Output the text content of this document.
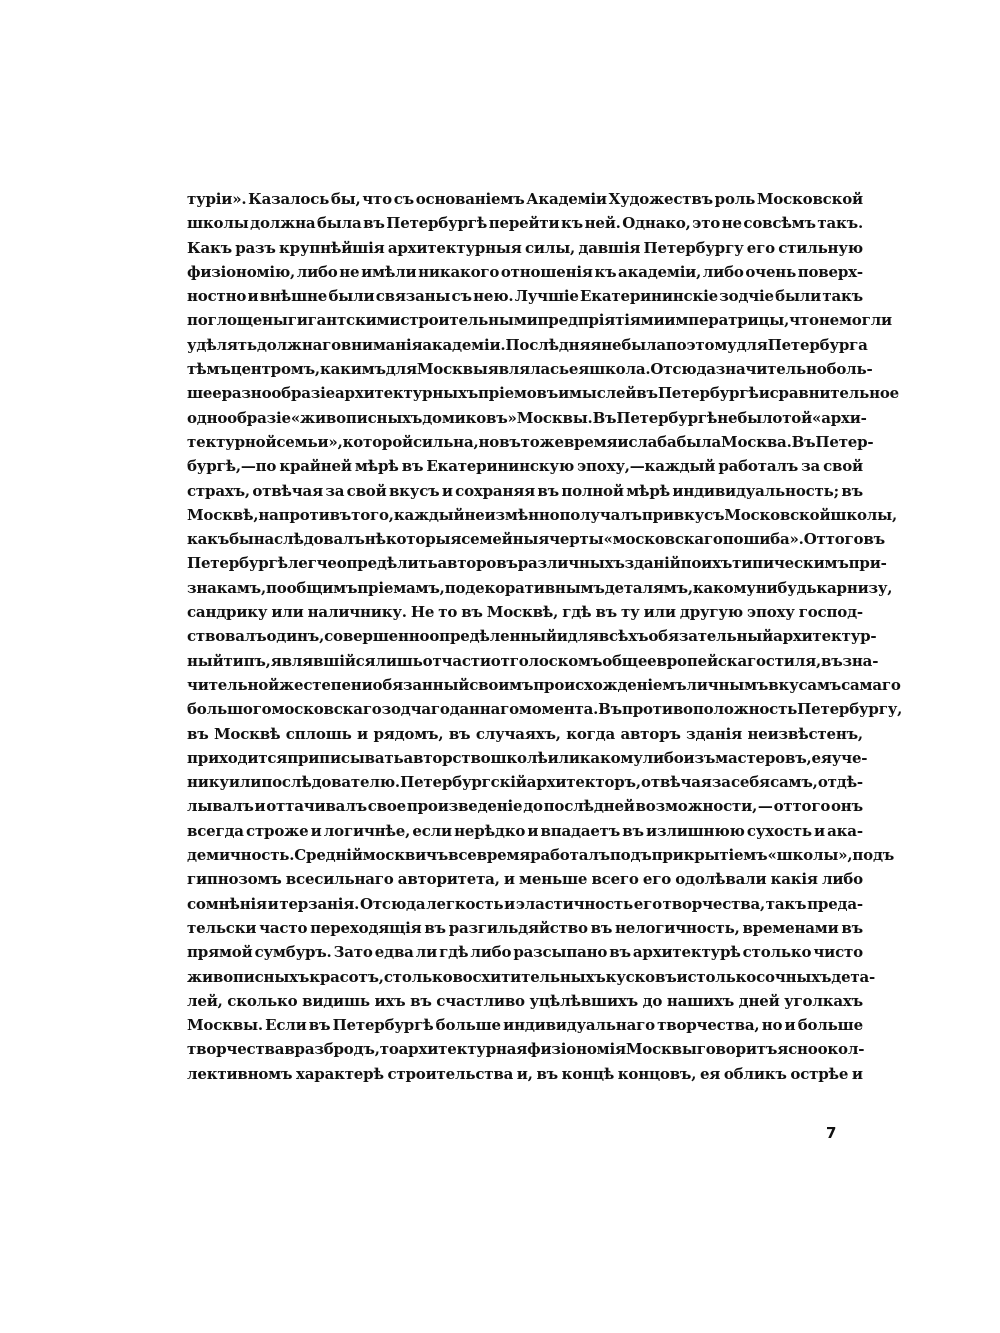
турiи». Казалось бы, что съ основанiемъ Академiи Художествъ роль Московской
школы должна была въ Петербургѣ перейти къ ней. Однако, это не совсѣмъ такъ.
Какъ разъ крупнѣйшiя архитектурныя силы, давшiя Петербургу его стильную
физiономiю, либо не имѣли никакого отношенiя къ академiи, либо очень поверх-
ностно и внѣшне были связаны съ нею. Лучшiе Екатерининскiе зодчiе были такъ
поглощены гигантскими строительными предпрiятiями императрицы, что не могли
удѣлять должнаго вниманiя академiи. Послѣдняя не была поэтому для Петербурга
тѣмъ центромъ, какимъ для Москвы являлась ея школа. Отсюда значительно боль-
шее разнообразiе архитектурныхъ прiемовъ и мыслей въ Петербургѣ и сравнительное
однообразiе «живописныхъ домиковъ» Москвы. Въ Петербургѣ не было той «архи-
тектурной семьи», которой сильна, но въ то же время и слаба была Москва. Въ Петер-
бургѣ,—по крайней мѣрѣ въ Екатерининскую эпоху,—каждый работалъ за свой
страхъ, отвѣчая за свой вкусъ и сохраняя въ полной мѣрѣ индивидуальность; въ
Москвѣ, напротивъ того, каждый неизмѣнно получалъ привкусъ Московской школы,
какъ бы наслѣдовалъ нѣкоторыя семейныя черты «московскаго пошиба». Оттого въ
Петербургѣ легче опредѣлить авторовъ различныхъ зданiй по ихъ типическимъ при-
знакамъ, по общимъ прiемамъ, по декоративнымъ деталямъ, какому нибудь карнизу,
сандрику или наличнику. Не то въ Москвѣ, гдѣ въ ту или другую эпоху господ-
ствовалъ одинъ, совершенно опредѣленный и для всѣхъ обязательный архитектур-
ный типъ, являвшiйся лишь отчасти отголоскомъ общеевропейскаго стиля, въ зна-
чительной же степени обязанный своимъ происхожденiемъ личнымъ вкусамъ самаго
большого московскаго зодчаго даннаго момента. Въ противоположность Петербургу,
въ Москвѣ сплошь и рядомъ, въ случаяхъ, когда авторъ зданiя неизвѣстенъ,
приходится приписывать авторство школѣ или какому либо изъ мастеровъ, ея уче-
нику или послѣдователю. Петербургскiй архитекторъ, отвѣчая за себя самъ, отдѣ-
лывалъ и оттачивалъ свое произведенiе до послѣдней возможности, — оттого онъ
всегда строже и логичнѣе, если нерѣдко и впадаетъ въ излишнюю сухость и ака-
демичность. Среднiй москвичъ все время работалъ подъ прикрытiемъ «школы», подъ
гипнозомъ всесильнаго авторитета, и меньше всего его одолѣвали какiя либо
сомнѣнiя и терзанiя. Отсюда легкость и эластичность его творчества, такъ преда-
тельски часто переходящiя въ разгильдяйство въ нелогичность, временами въ
прямой сумбуръ. Зато едва ли гдѣ либо разсыпано въ архитектурѣ столько чисто
живописныхъ красотъ, столько восхитительныхъ кусковъ и столько сочныхъ дета-
лей, сколько видишь ихъ въ счастливо уцѣлѣвшихъ до нашихъ дней уголкахъ
Москвы. Если въ Петербургѣ больше индивидуальнаго творчества, но и больше
творчества вразбродъ, то архитектурная физiономiя Москвы говоритъ ясно о кол-
лективномъ характерѣ строительства и, въ концѣ концовъ, ея обликъ острѣе и
7
